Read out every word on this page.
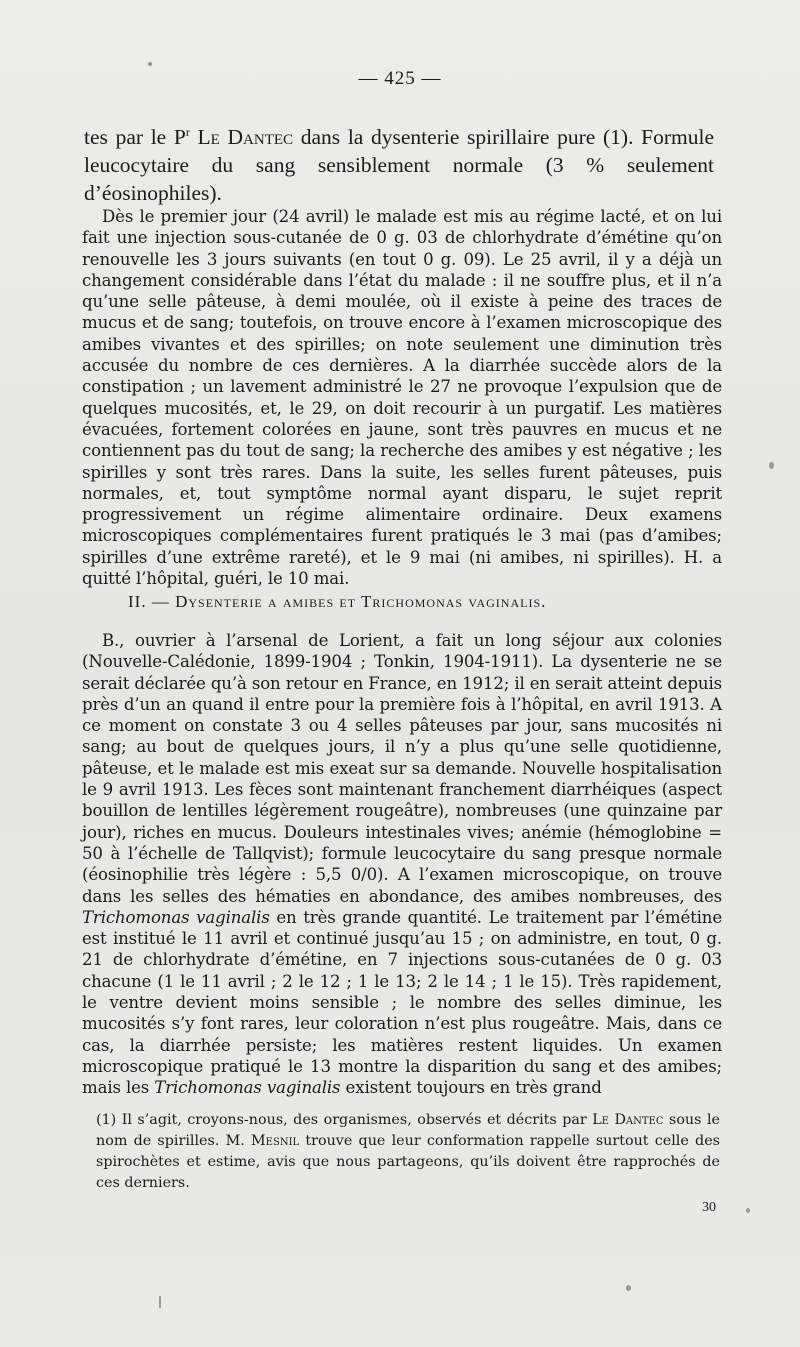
— 425 —
tes par le $P^r$ Le Dantec dans la dysenterie spirillaire pure (1). Formule leucocytaire du sang sensiblement normale (3 % seulement d’éosinophiles).
Dès le premier jour (24 avril) le malade est mis au régime lacté, et on lui fait une injection sous-cutanée de 0 g. 03 de chlorhydrate d’émétine qu’on renouvelle les 3 jours suivants (en tout 0 g. 09). Le 25 avril, il y a déjà un changement considérable dans l’état du malade : il ne souffre plus, et il n’a qu’une selle pâteuse, à demi moulée, où il existe à peine des traces de mucus et de sang; toutefois, on trouve encore à l’examen microscopique des amibes vivantes et des spirilles; on note seulement une diminution très accusée du nombre de ces dernières. A la diarrhée succède alors de la constipation ; un lavement administré le 27 ne provoque l’expulsion que de quelques mucosités, et, le 29, on doit recourir à un purgatif. Les matières évacuées, fortement colorées en jaune, sont très pauvres en mucus et ne contiennent pas du tout de sang; la recherche des amibes y est négative ; les spirilles y sont très rares. Dans la suite, les selles furent pâteuses, puis normales, et, tout symptôme normal ayant disparu, le sujet reprit progressivement un régime alimentaire ordinaire. Deux examens microscopiques complémentaires furent pratiqués le 3 mai (pas d’amibes; spirilles d’une extrême rareté), et le 9 mai (ni amibes, ni spirilles). H. a quitté l’hôpital, guéri, le 10 mai.
II. — Dysenterie a amibes et Trichomonas vaginalis.
B., ouvrier à l’arsenal de Lorient, a fait un long séjour aux colonies (Nouvelle-Calédonie, 1899-1904 ; Tonkin, 1904-1911). La dysenterie ne se serait déclarée qu’à son retour en France, en 1912; il en serait atteint depuis près d’un an quand il entre pour la première fois à l’hôpital, en avril 1913. A ce moment on constate 3 ou 4 selles pâteuses par jour, sans mucosités ni sang; au bout de quelques jours, il n’y a plus qu’une selle quotidienne, pâteuse, et le malade est mis exeat sur sa demande. Nouvelle hospitalisation le 9 avril 1913. Les fèces sont maintenant franchement diarrhéiques (aspect bouillon de lentilles légèrement rougeâtre), nombreuses (une quinzaine par jour), riches en mucus. Douleurs intestinales vives; anémie (hémoglobine = 50 à l’échelle de Tallqvist); formule leucocytaire du sang presque normale (éosinophilie très légère : 5,5 0/0). A l’examen microscopique, on trouve dans les selles des hématies en abondance, des amibes nombreuses, des Trichomonas vaginalis en très grande quantité. Le traitement par l’émétine est institué le 11 avril et continué jusqu’au 15 ; on administre, en tout, 0 g. 21 de chlorhydrate d’émétine, en 7 injections sous-cutanées de 0 g. 03 chacune (1 le 11 avril ; 2 le 12 ; 1 le 13; 2 le 14 ; 1 le 15). Très rapidement, le ventre devient moins sensible ; le nombre des selles diminue, les mucosités s’y font rares, leur coloration n’est plus rougeâtre. Mais, dans ce cas, la diarrhée persiste; les matières restent liquides. Un examen microscopique pratiqué le 13 montre la disparition du sang et des amibes; mais les Trichomonas vaginalis existent toujours en très grand
(1) Il s’agit, croyons-nous, des organismes, observés et décrits par Le Dantec sous le nom de spirilles. M. Mesnil trouve que leur conformation rappelle surtout celle des spirochètes et estime, avis que nous partageons, qu’ils doivent être rapprochés de ces derniers.
30
